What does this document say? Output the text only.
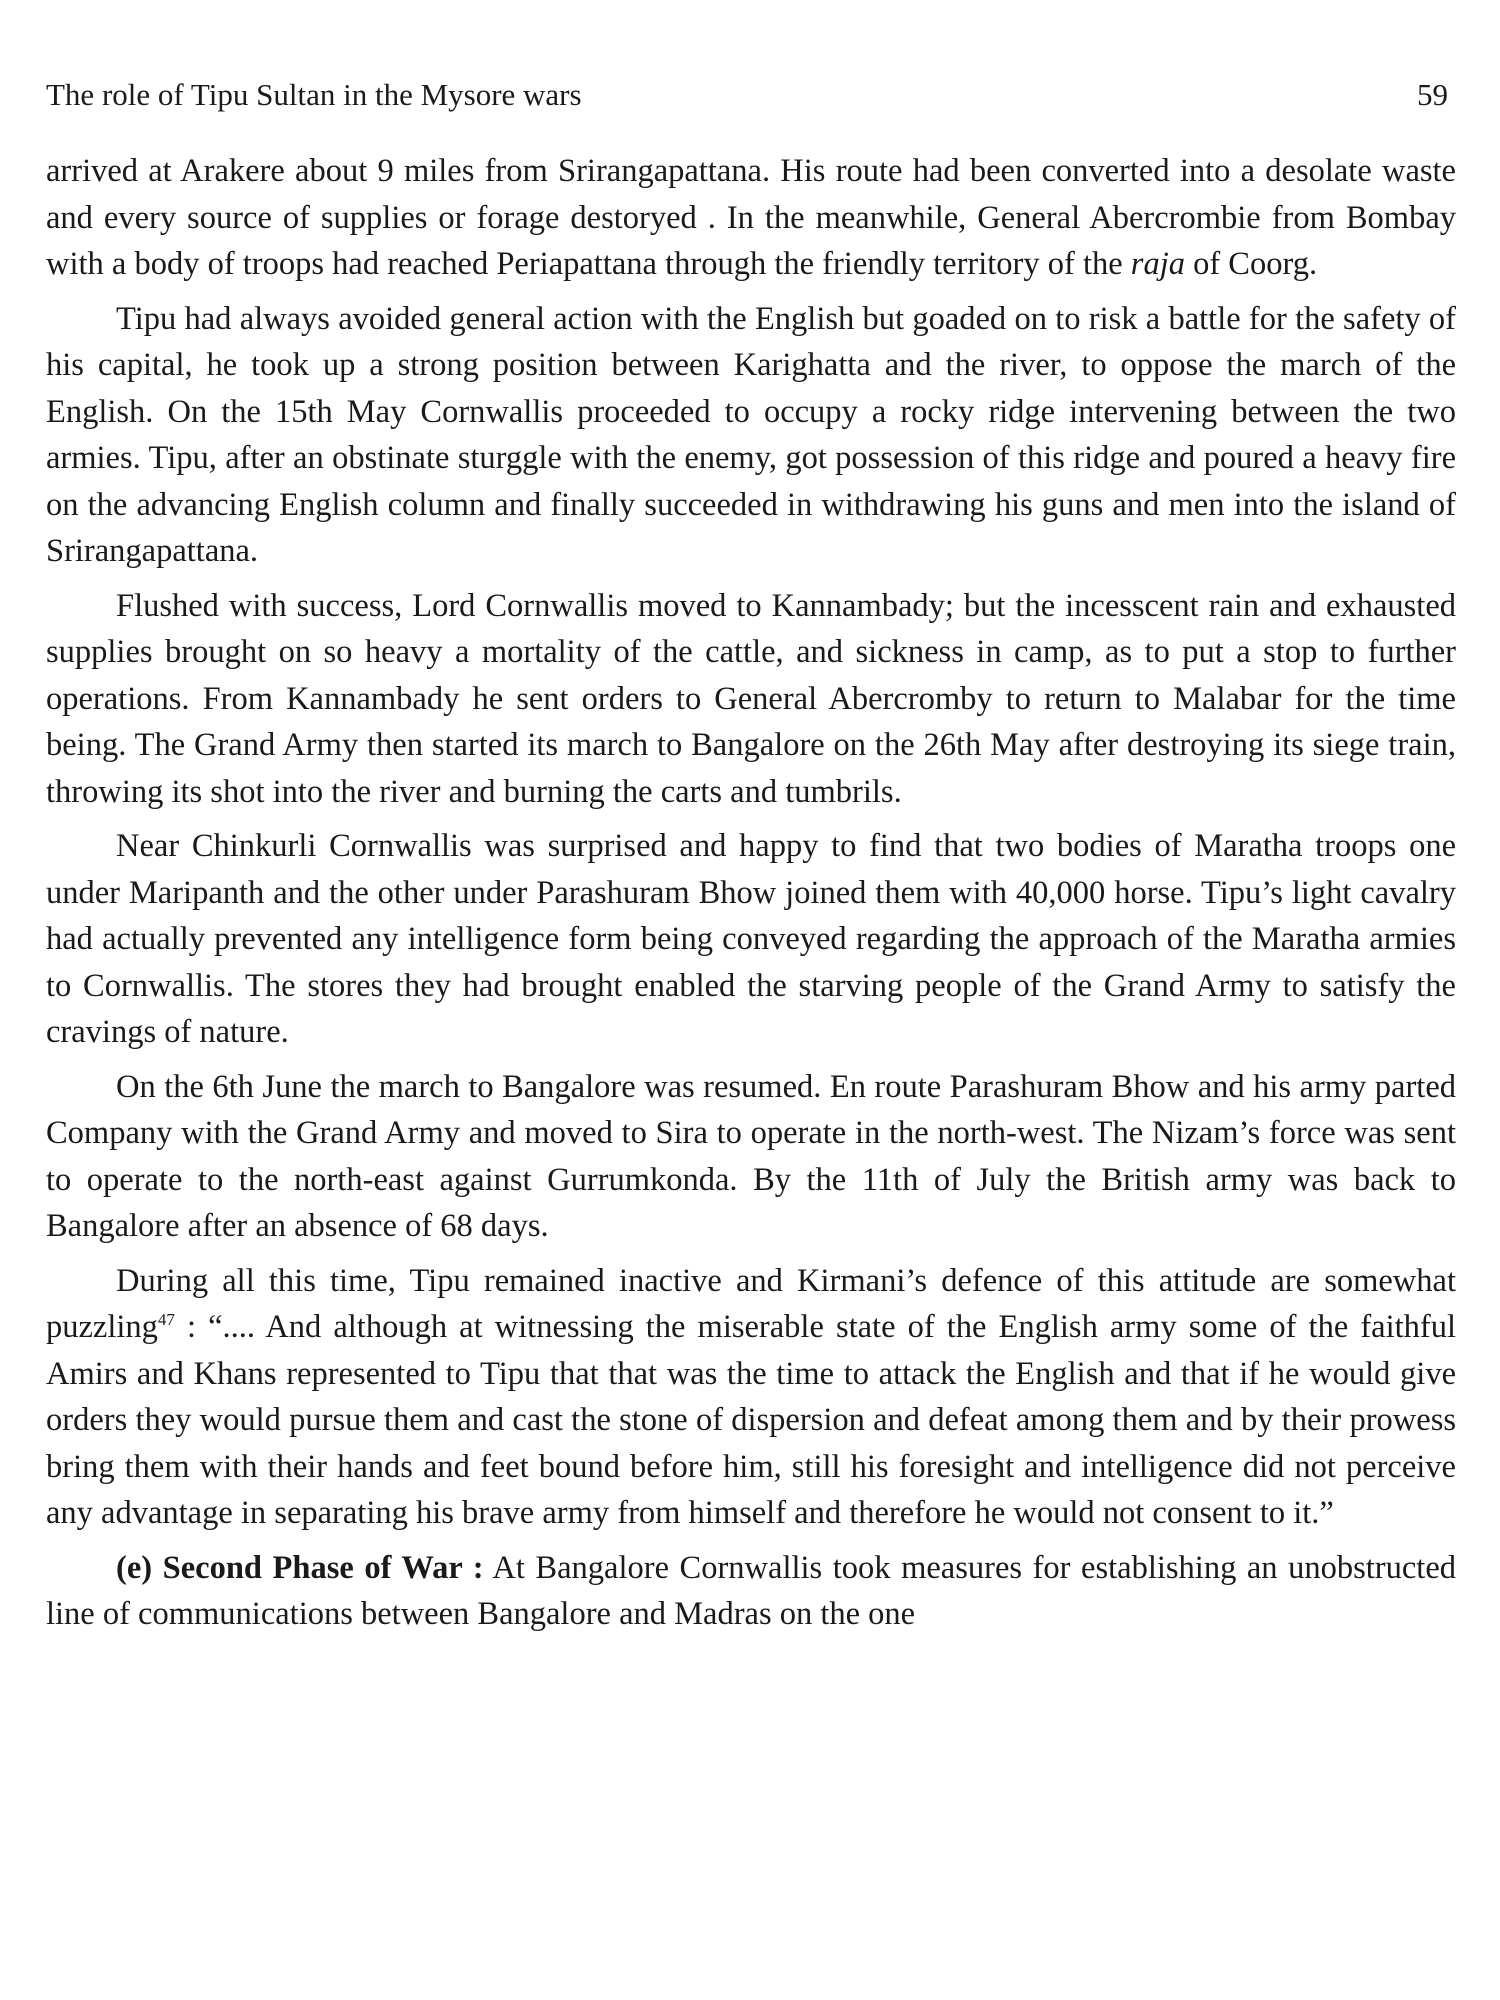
The role of Tipu Sultan in the Mysore wars	59

arrived at Arakere about 9 miles from Srirangapattana. His route had been converted into a desolate waste and every source of supplies or forage destoryed . In the meanwhile, General Abercrombie from Bombay with a body of troops had reached Periapattana through the friendly territory of the raja of Coorg.

Tipu had always avoided general action with the English but goaded on to risk a battle for the safety of his capital, he took up a strong position between Karighatta and the river, to oppose the march of the English. On the 15th May Cornwallis proceeded to occupy a rocky ridge intervening between the two armies. Tipu, after an obstinate sturggle with the enemy, got possession of this ridge and poured a heavy fire on the advancing English column and finally succeeded in withdrawing his guns and men into the island of Srirangapattana.

Flushed with success, Lord Cornwallis moved to Kannambady; but the incesscent rain and exhausted supplies brought on so heavy a mortality of the cattle, and sickness in camp, as to put a stop to further operations. From Kannambady he sent orders to General Abercromby to return to Malabar for the time being. The Grand Army then started its march to Bangalore on the 26th May after destroying its siege train, throwing its shot into the river and burning the carts and tumbrils.

Near Chinkurli Cornwallis was surprised and happy to find that two bodies of Maratha troops one under Maripanth and the other under Parashuram Bhow joined them with 40,000 horse. Tipu’s light cavalry had actually prevented any intelligence form being conveyed regarding the approach of the Maratha armies to Cornwallis. The stores they had brought enabled the starving people of the Grand Army to satisfy the cravings of nature.

On the 6th June the march to Bangalore was resumed. En route Parashuram Bhow and his army parted Company with the Grand Army and moved to Sira to operate in the north-west. The Nizam’s force was sent to operate to the north-east against Gurrumkonda. By the 11th of July the British army was back to Bangalore after an absence of 68 days.

During all this time, Tipu remained inactive and Kirmani’s defence of this attitude are somewhat puzzling$^{47}$ : “.... And although at witnessing the miserable state of the English army some of the faithful Amirs and Khans represented to Tipu that that was the time to attack the English and that if he would give orders they would pursue them and cast the stone of dispersion and defeat among them and by their prowess bring them with their hands and feet bound before him, still his foresight and intelligence did not perceive any advantage in separating his brave army from himself and therefore he would not consent to it.”

(e) Second Phase of War : At Bangalore Cornwallis took measures for establishing an unobstructed line of communications between Bangalore and Madras on the one
